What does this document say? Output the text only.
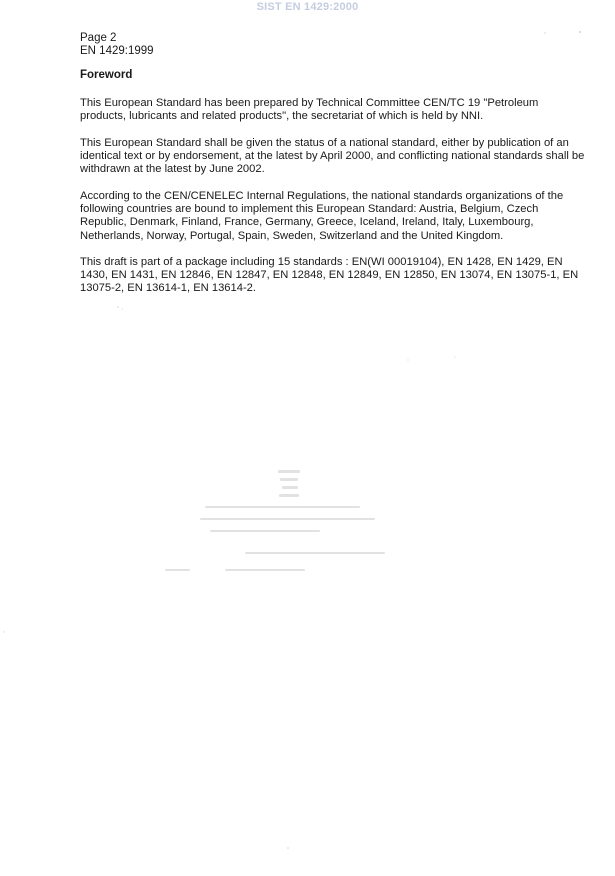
SIST EN 1429:2000
Page 2
EN 1429:1999
Foreword

This European Standard has been prepared by Technical Committee CEN/TC 19 "Petroleum products, lubricants and related products", the secretariat of which is held by NNI.

This European Standard shall be given the status of a national standard, either by publication of an identical text or by endorsement, at the latest by April 2000, and conflicting national standards shall be withdrawn at the latest by June 2002.

According to the CEN/CENELEC Internal Regulations, the national standards organizations of the following countries are bound to implement this European Standard: Austria, Belgium, Czech Republic, Denmark, Finland, France, Germany, Greece, Iceland, Ireland, Italy, Luxembourg, Netherlands, Norway, Portugal, Spain, Sweden, Switzerland and the United Kingdom.

This draft is part of a package including 15 standards : EN(WI 00019104), EN 1428, EN 1429, EN 1430, EN 1431, EN 12846, EN 12847, EN 12848, EN 12849, EN 12850, EN 13074, EN 13075-1, EN 13075-2, EN 13614-1, EN 13614-2.
